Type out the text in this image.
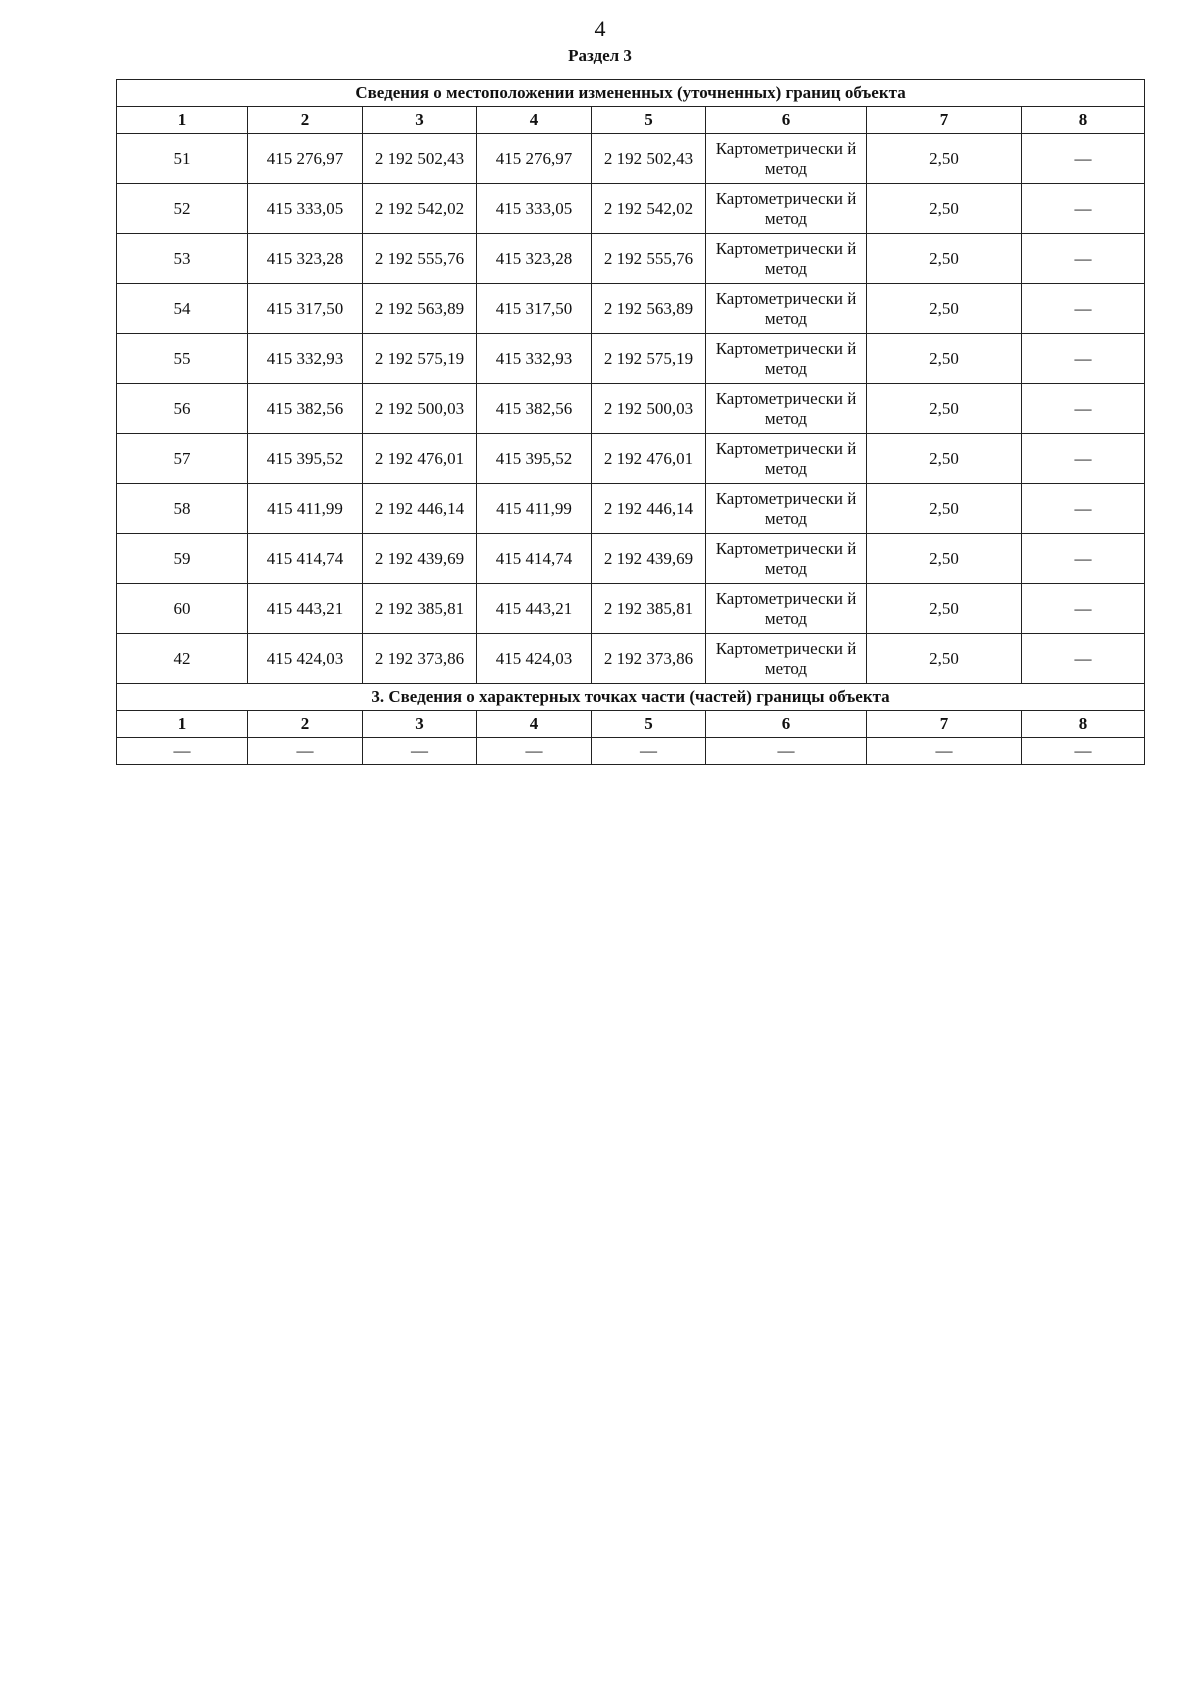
4
Раздел 3
Сведения о местоположении измененных (уточненных) границ объекта							
1	2	3	4	5	6	7	8
51	415 276,97	2 192 502,43	415 276,97	2 192 502,43	Картометрически й метод	2,50	—
52	415 333,05	2 192 542,02	415 333,05	2 192 542,02	Картометрически й метод	2,50	—
53	415 323,28	2 192 555,76	415 323,28	2 192 555,76	Картометрически й метод	2,50	—
54	415 317,50	2 192 563,89	415 317,50	2 192 563,89	Картометрически й метод	2,50	—
55	415 332,93	2 192 575,19	415 332,93	2 192 575,19	Картометрически й метод	2,50	—
56	415 382,56	2 192 500,03	415 382,56	2 192 500,03	Картометрически й метод	2,50	—
57	415 395,52	2 192 476,01	415 395,52	2 192 476,01	Картометрически й метод	2,50	—
58	415 411,99	2 192 446,14	415 411,99	2 192 446,14	Картометрически й метод	2,50	—
59	415 414,74	2 192 439,69	415 414,74	2 192 439,69	Картометрически й метод	2,50	—
60	415 443,21	2 192 385,81	415 443,21	2 192 385,81	Картометрически й метод	2,50	—
42	415 424,03	2 192 373,86	415 424,03	2 192 373,86	Картометрически й метод	2,50	—
3. Сведения о характерных точках части (частей) границы объекта							
1	2	3	4	5	6	7	8
—	—	—	—	—	—	—	—
